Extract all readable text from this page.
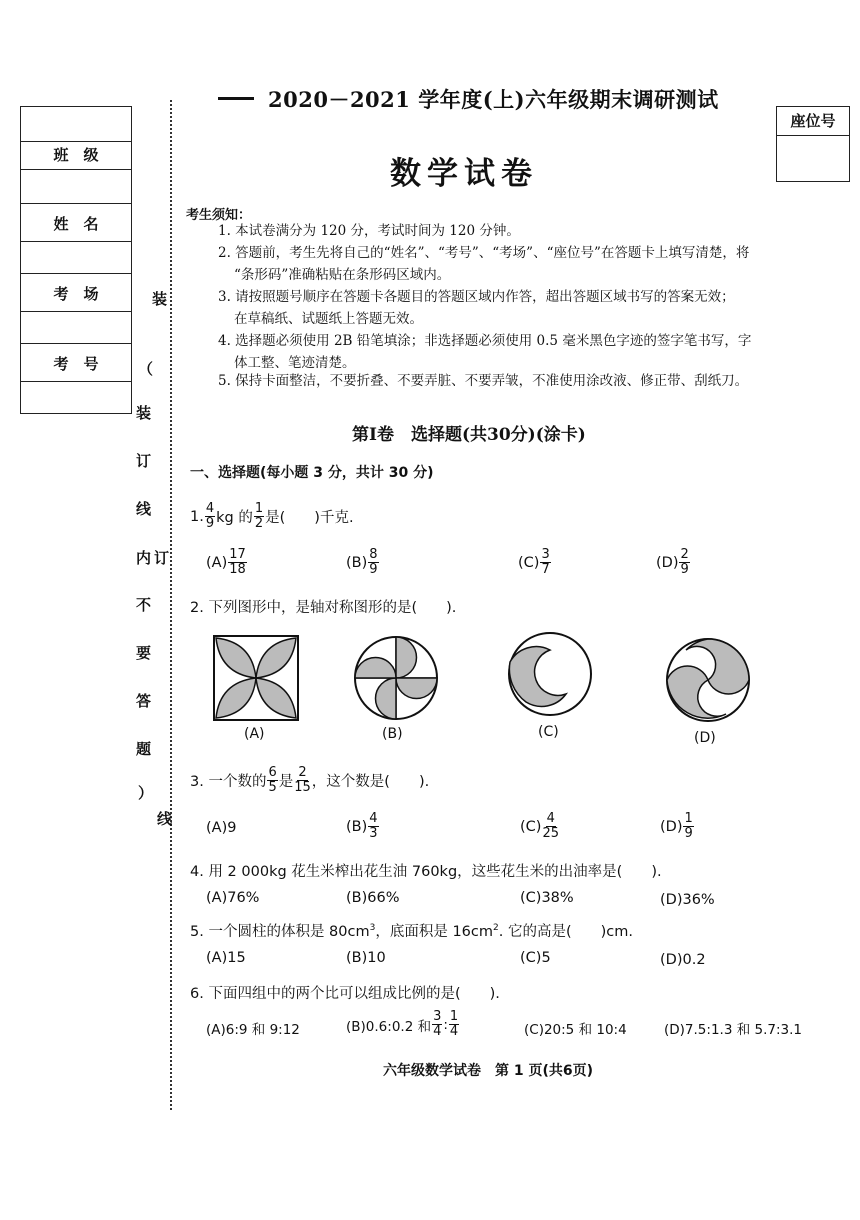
班　级
姓　名
考　场
考　号
装
（
装
订
线
内 订
不
要
答
题
）
线
2020－2021 学年度(上)六年级期末调研测试
座位号
数学试卷
考生须知：
1. 本试卷满分为 120 分，考试时间为 120 分钟。
2. 答题前，考生先将自己的“姓名”、“考号”、“考场”、“座位号”在答题卡上填写清楚，将
“条形码”准确粘贴在条形码区域内。
3. 请按照题号顺序在答题卡各题目的答题区域内作答，超出答题区域书写的答案无效；
在草稿纸、试题纸上答题无效。
4. 选择题必须使用 2B 铅笔填涂；非选择题必须使用 0.5 毫米黑色字迹的签字笔书写，字
体工整、笔迹清楚。
5. 保持卡面整洁，不要折叠、不要弄脏、不要弄皱，不准使用涂改液、修正带、刮纸刀。
第Ⅰ卷　选择题(共30分)(涂卡)
一、选择题(每小题 3 分，共计 30 分)
1. $\frac{4}{9}$ kg 的 $\frac{1}{2}$ 是(　　)千克.
$(A) \frac{17}{18}$	$(B) \frac{8}{9}$	$(C) \frac{3}{7}$	$(D) \frac{2}{9}$
2. 下列图形中，是轴对称图形的是(　　).
(A)	(B)	(C)	(D)
3. 一个数的 $\frac{6}{5}$ 是 $\frac{2}{15}$ ，这个数是(　　).
(A)9	$(B) \frac{4}{3}$	$(C) \frac{4}{25}$	$(D) \frac{1}{9}$
4. 用 2 000kg 花生米榨出花生油 760kg，这些花生米的出油率是(　　).
(A)76%	(B)66%	(C)38%	(D)36%
5. 一个圆柱的体积是 $80cm^3$，底面积是 $16cm^2$. 它的高是(　　)cm.
(A)15	(B)10	(C)5	(D)0.2
6. 下面四组中的两个比可以组成比例的是(　　).
(A)6:9 和 9:12	(B)0.6:0.2 和 $\frac{3}{4}$ : $\frac{1}{4}$	(C)20:5 和 10:4	(D)7.5:1.3 和 5.7:3.1
六年级数学试卷　第 1 页(共6页)
